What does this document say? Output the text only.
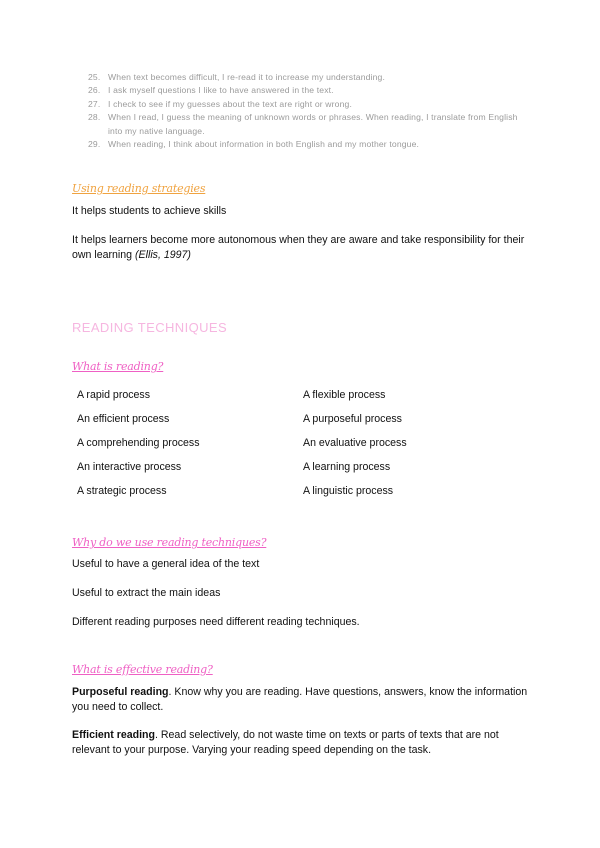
25. When text becomes difficult, I re-read it to increase my understanding.
26. I ask myself questions I like to have answered in the text.
27. I check to see if my guesses about the text are right or wrong.
28. When I read, I guess the meaning of unknown words or phrases. When reading, I translate from English into my native language.
29. When reading, I think about information in both English and my mother tongue.
Using reading strategies
It helps students to achieve skills
It helps learners become more autonomous when they are aware and take responsibility for their own learning (Ellis, 1997)
READING TECHNIQUES
What is reading?
A rapid process
An efficient process
A comprehending process
An interactive process
A strategic process
A flexible process
A purposeful process
An evaluative process
A learning process
A linguistic process
Why do we use reading techniques?
Useful to have a general idea of the text
Useful to extract the main ideas
Different reading purposes need different reading techniques.
What is effective reading?
Purposeful reading. Know why you are reading. Have questions, answers, know the information you need to collect.
Efficient reading. Read selectively, do not waste time on texts or parts of texts that are not relevant to your purpose. Varying your reading speed depending on the task.
